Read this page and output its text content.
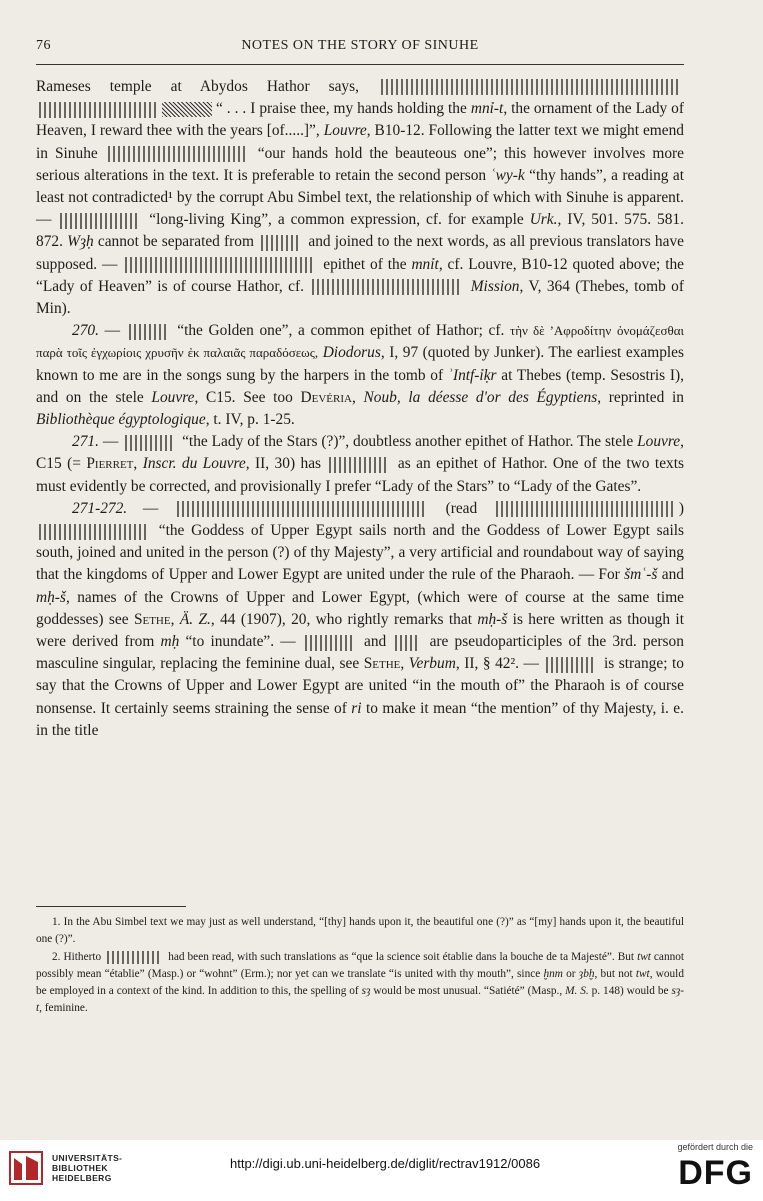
76	NOTES ON THE STORY OF SINUHE

Rameses temple at Abydos Hathor says,   “ . . . I praise thee, my hands holding the mnỉ-t, the ornament of the Lady of Heaven, I reward thee with the years [of.....]”, Louvre, B10-12. Following the latter text we might emend in Sinuhe	“our hands hold the beauteous one”; this however involves more serious alterations in the text. It is preferable to retain the second person ʿwy-k “thy hands”, a reading at least not contradicted¹ by the corrupt Abu Simbel text, the relationship of which with Sinuhe is apparent. —	“long-living King”, a common expression, cf. for example Urk., IV, 501. 575. 581. 872. Wȝḥ cannot be separated from	and joined to the next words, as all previous translators have supposed. —	epithet of the mnỉt, cf. Louvre, B10-12 quoted above; the “Lady of Heaven” is of course Hathor, cf.	Mission, V, 364 (Thebes, tomb of Min).

270. —	“the Golden one”, a common epithet of Hathor; cf. τὴν δὲ ʼΑφροδίτην ὀνομάζεσθαι παρὰ τοῖς ἐγχωρίοις χρυσῆν ἐκ παλαιᾶς παραδόσεως, Diodorus, I, 97 (quoted by Junker). The earliest examples known to me are in the songs sung by the harpers in the tomb of ʾIntf-ỉḳr at Thebes (temp. Sesostris I), and on the stele Louvre, C15. See too Devéria, Noub, la déesse d'or des Égyptiens, reprinted in Bibliothèque égyptologique, t. IV, p. 1-25.

271. —	“the Lady of the Stars (?)”, doubtless another epithet of Hathor. The stele Louvre, C15 (= Pierret, Inscr. du Louvre, II, 30) has	as an epithet of Hathor. One of the two texts must evidently be corrected, and provisionally I prefer “Lady of the Stars” to “Lady of the Gates”.

271-272. —	(read	)  “the Goddess of Upper Egypt sails north and the Goddess of Lower Egypt sails south, joined and united in the person (?) of thy Majesty”, a very artificial and roundabout way of saying that the kingdoms of Upper and Lower Egypt are united under the rule of the Pharaoh. — For šmʿ-š and mḥ-š, names of the Crowns of Upper and Lower Egypt, (which were of course at the same time goddesses) see Sethe, Ä. Z., 44 (1907), 20, who rightly remarks that mḥ-š is here written as though it were derived from mḥ “to inundate”. —	and	are pseudoparticiples of the 3rd. person masculine singular, replacing the feminine dual, see Sethe, Verbum, II, § 42². —	is strange; to say that the Crowns of Upper and Lower Egypt are united “in the mouth of” the Pharaoh is of course nonsense. It certainly seems straining the sense of ri to make it mean “the mention” of thy Majesty, i. e. in the title

1. In the Abu Simbel text we may just as well understand, “[thy] hands upon it, the beautiful one (?)” as “[my] hands upon it, the beautiful one (?)”.

2. Hitherto	had been read, with such translations as “que la science soit établie dans la bouche de ta Majesté”. But twt cannot possibly mean “établie” (Masp.) or “wohnt” (Erm.); nor yet can we translate “is united with thy mouth”, since ḫnm or ȝbḫ, but not twt, would be employed in a context of the kind. In addition to this, the spelling of sȝ would be most unusual. “Satiété” (Masp., M. S. p. 148) would be sȝ-t, feminine.

UNIVERSITÄTS-
BIBLIOTHEK
HEIDELBERG
http://digi.ub.uni-heidelberg.de/diglit/rectrav1912/0086
gefördert durch die
DFG
